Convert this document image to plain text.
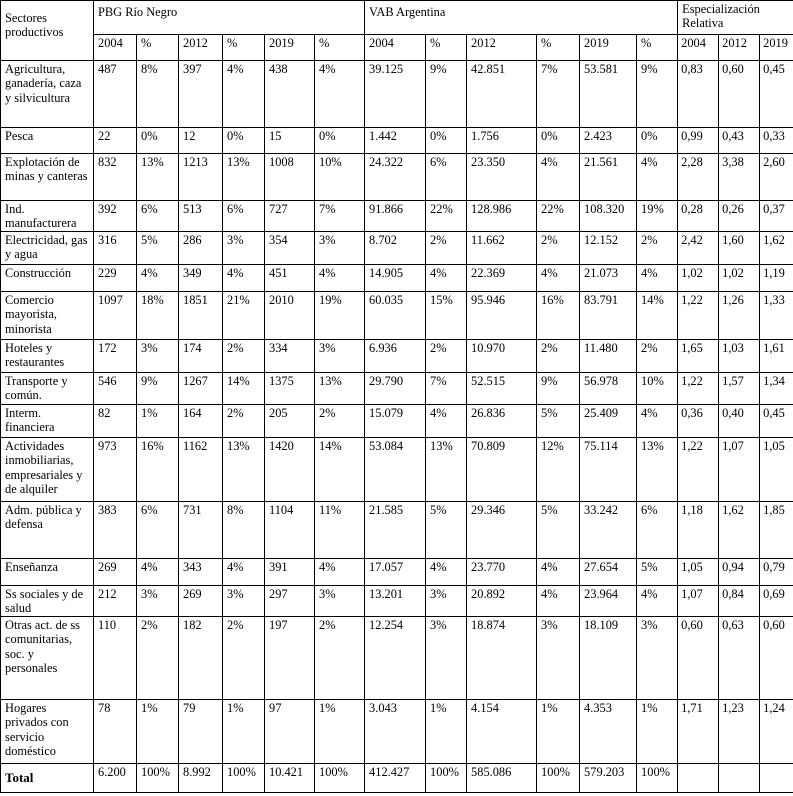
Sectores productivos	PBG Río Negro						VAB Argentina						Especialización Relativa		
	2004	%	2012	%	2019	%	2004	%	2012	%	2019	%	2004	2012	2019
Agricultura, ganadería, caza y silvicultura	487	8%	397	4%	438	4%	39.125	9%	42.851	7%	53.581	9%	0,83	0,60	0,45
Pesca	22	0%	12	0%	15	0%	1.442	0%	1.756	0%	2.423	0%	0,99	0,43	0,33
Explotación de minas y canteras	832	13%	1213	13%	1008	10%	24.322	6%	23.350	4%	21.561	4%	2,28	3,38	2,60
Ind. manufacturera	392	6%	513	6%	727	7%	91.866	22%	128.986	22%	108.320	19%	0,28	0,26	0,37
Electricidad, gas y agua	316	5%	286	3%	354	3%	8.702	2%	11.662	2%	12.152	2%	2,42	1,60	1,62
Construcción	229	4%	349	4%	451	4%	14.905	4%	22.369	4%	21.073	4%	1,02	1,02	1,19
Comercio mayorista, minorista	1097	18%	1851	21%	2010	19%	60.035	15%	95.946	16%	83.791	14%	1,22	1,26	1,33
Hoteles y restaurantes	172	3%	174	2%	334	3%	6.936	2%	10.970	2%	11.480	2%	1,65	1,03	1,61
Transporte y común.	546	9%	1267	14%	1375	13%	29.790	7%	52.515	9%	56.978	10%	1,22	1,57	1,34
Interm. financiera	82	1%	164	2%	205	2%	15.079	4%	26.836	5%	25.409	4%	0,36	0,40	0,45
Actividades inmobiliarias, empresariales y de alquiler	973	16%	1162	13%	1420	14%	53.084	13%	70.809	12%	75.114	13%	1,22	1,07	1,05
Adm. pública y defensa	383	6%	731	8%	1104	11%	21.585	5%	29.346	5%	33.242	6%	1,18	1,62	1,85
Enseñanza	269	4%	343	4%	391	4%	17.057	4%	23.770	4%	27.654	5%	1,05	0,94	0,79
Ss sociales y de salud	212	3%	269	3%	297	3%	13.201	3%	20.892	4%	23.964	4%	1,07	0,84	0,69
Otras act. de ss comunitarias, soc. y personales	110	2%	182	2%	197	2%	12.254	3%	18.874	3%	18.109	3%	0,60	0,63	0,60
Hogares privados con servicio doméstico	78	1%	79	1%	97	1%	3.043	1%	4.154	1%	4.353	1%	1,71	1,23	1,24
Total	6.200	100%	8.992	100%	10.421	100%	412.427	100%	585.086	100%	579.203	100%			
